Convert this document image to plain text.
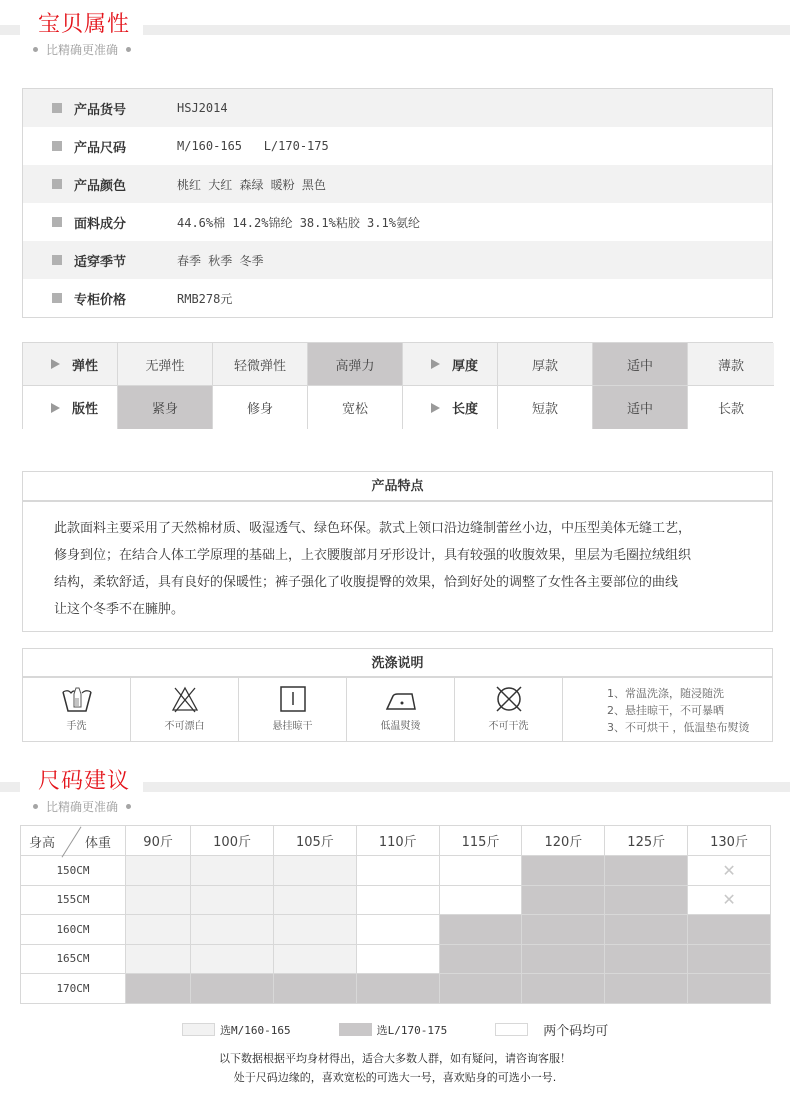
宝贝属性
比精确更准确
产品货号	HSJ2014
产品尺码	M/160-165   L/170-175
产品颜色	桃红 大红 森绿 暖粉 黑色
面料成分	44.6%棉 14.2%锦纶 38.1%粘胶 3.1%氨纶
适穿季节	春季 秋季 冬季
专柜价格	RMB278元
弹性	无弹性	轻微弹性	高弹力	厚度	厚款	适中	薄款
版性	紧身	修身	宽松	长度	短款	适中	长款
产品特点
此款面料主要采用了天然棉材质、吸湿透气、绿色环保。款式上领口沿边缝制蕾丝小边，中压型美体无缝工艺，
修身到位；在结合人体工学原理的基础上，上衣腰腹部月牙形设计，具有较强的收腹效果，里层为毛圈拉绒组织
结构，柔软舒适，具有良好的保暖性；裤子强化了收腹提臀的效果，恰到好处的调整了女性各主要部位的曲线
让这个冬季不在臃肿。
洗涤说明
手洗	不可漂白	悬挂晾干	低温熨烫	不可干洗
1、常温洗涤，随浸随洗
2、悬挂晾干，不可暴晒
3、不可烘干 ，低温垫布熨烫
尺码建议
比精确更准确
身高 体重	90斤	100斤	105斤	110斤	115斤	120斤	125斤	130斤
150CM								✕
155CM								✕
160CM								
165CM								
170CM								
选M/160-165	选L/170-175	两个码均可
以下数据根据平均身材得出，适合大多数人群，如有疑问，请咨询客服！
处于尺码边缘的，喜欢宽松的可选大一号，喜欢贴身的可选小一号.
